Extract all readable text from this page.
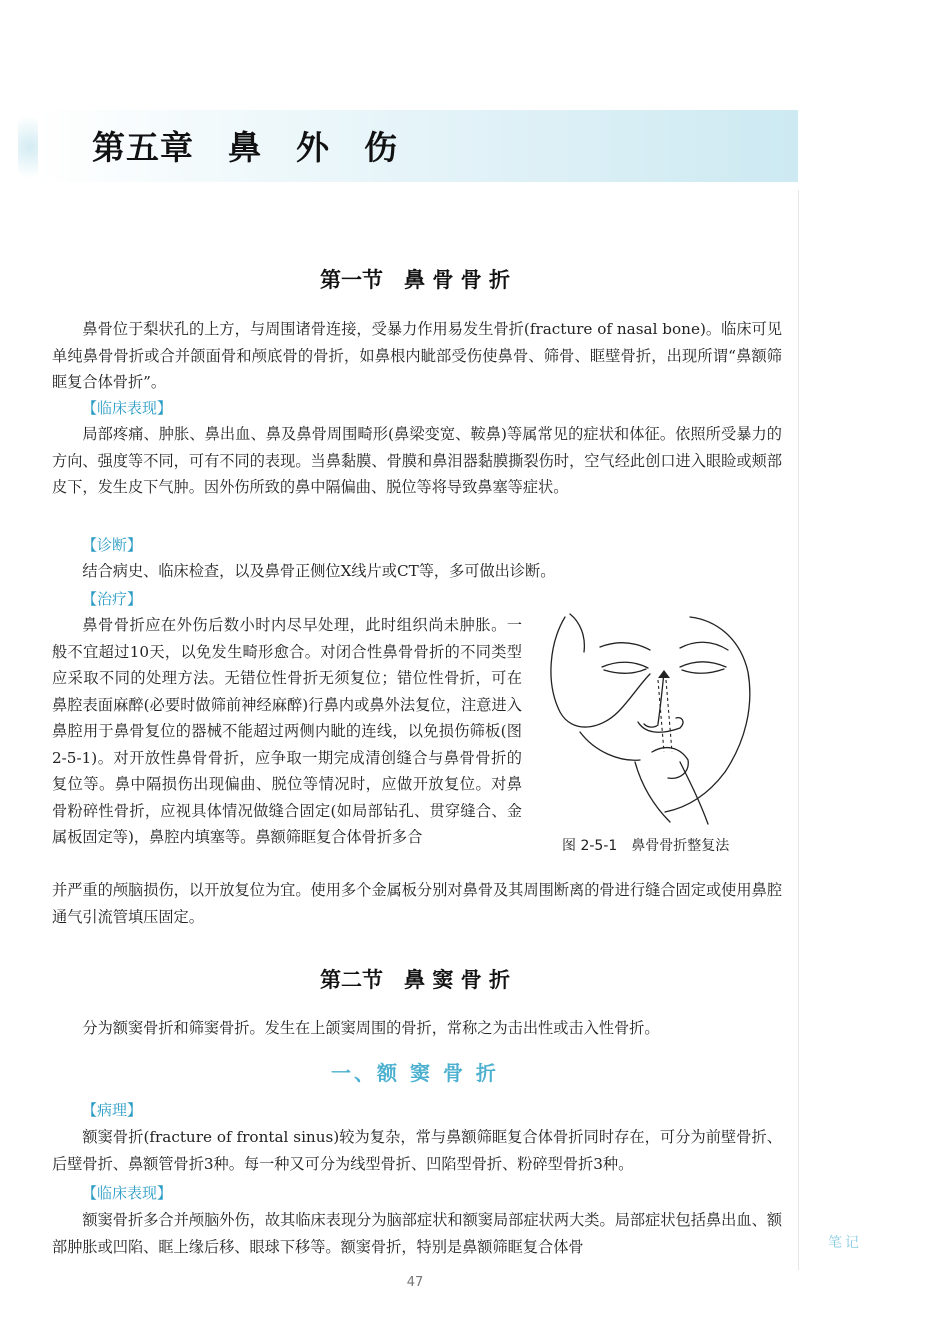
第五章　鼻　外　伤
第一节　鼻 骨 骨 折

鼻骨位于梨状孔的上方，与周围诸骨连接，受暴力作用易发生骨折(fracture of nasal bone)。临床可见单纯鼻骨骨折或合并颌面骨和颅底骨的骨折，如鼻根内眦部受伤使鼻骨、筛骨、眶壁骨折，出现所谓“鼻额筛眶复合体骨折”。

【临床表现】

局部疼痛、肿胀、鼻出血、鼻及鼻骨周围畸形(鼻梁变宽、鞍鼻)等属常见的症状和体征。依照所受暴力的方向、强度等不同，可有不同的表现。当鼻黏膜、骨膜和鼻泪器黏膜撕裂伤时，空气经此创口进入眼睑或颊部皮下，发生皮下气肿。因外伤所致的鼻中隔偏曲、脱位等将导致鼻塞等症状。

【诊断】

结合病史、临床检查，以及鼻骨正侧位X线片或CT等，多可做出诊断。

【治疗】

鼻骨骨折应在外伤后数小时内尽早处理，此时组织尚未肿胀。一般不宜超过10天，以免发生畸形愈合。对闭合性鼻骨骨折的不同类型应采取不同的处理方法。无错位性骨折无须复位；错位性骨折，可在鼻腔表面麻醉(必要时做筛前神经麻醉)行鼻内或鼻外法复位，注意进入鼻腔用于鼻骨复位的器械不能超过两侧内眦的连线，以免损伤筛板(图2-5-1)。对开放性鼻骨骨折，应争取一期完成清创缝合与鼻骨骨折的复位等。鼻中隔损伤出现偏曲、脱位等情况时，应做开放复位。对鼻骨粉碎性骨折，应视具体情况做缝合固定(如局部钻孔、贯穿缝合、金属板固定等)，鼻腔内填塞等。鼻额筛眶复合体骨折多合	图 2-5-1　鼻骨骨折整复法

并严重的颅脑损伤，以开放复位为宜。使用多个金属板分别对鼻骨及其周围断离的骨进行缝合固定或使用鼻腔通气引流管填压固定。

第二节　鼻 窦 骨 折

分为额窦骨折和筛窦骨折。发生在上颌窦周围的骨折，常称之为击出性或击入性骨折。

一、额 窦 骨 折
【病理】

额窦骨折(fracture of frontal sinus)较为复杂，常与鼻额筛眶复合体骨折同时存在，可分为前壁骨折、后壁骨折、鼻额管骨折3种。每一种又可分为线型骨折、凹陷型骨折、粉碎型骨折3种。

【临床表现】

额窦骨折多合并颅脑外伤，故其临床表现分为脑部症状和额窦局部症状两大类。局部症状包括鼻出血、额部肿胀或凹陷、眶上缘后移、眼球下移等。额窦骨折，特别是鼻额筛眶复合体骨	笔记
47
